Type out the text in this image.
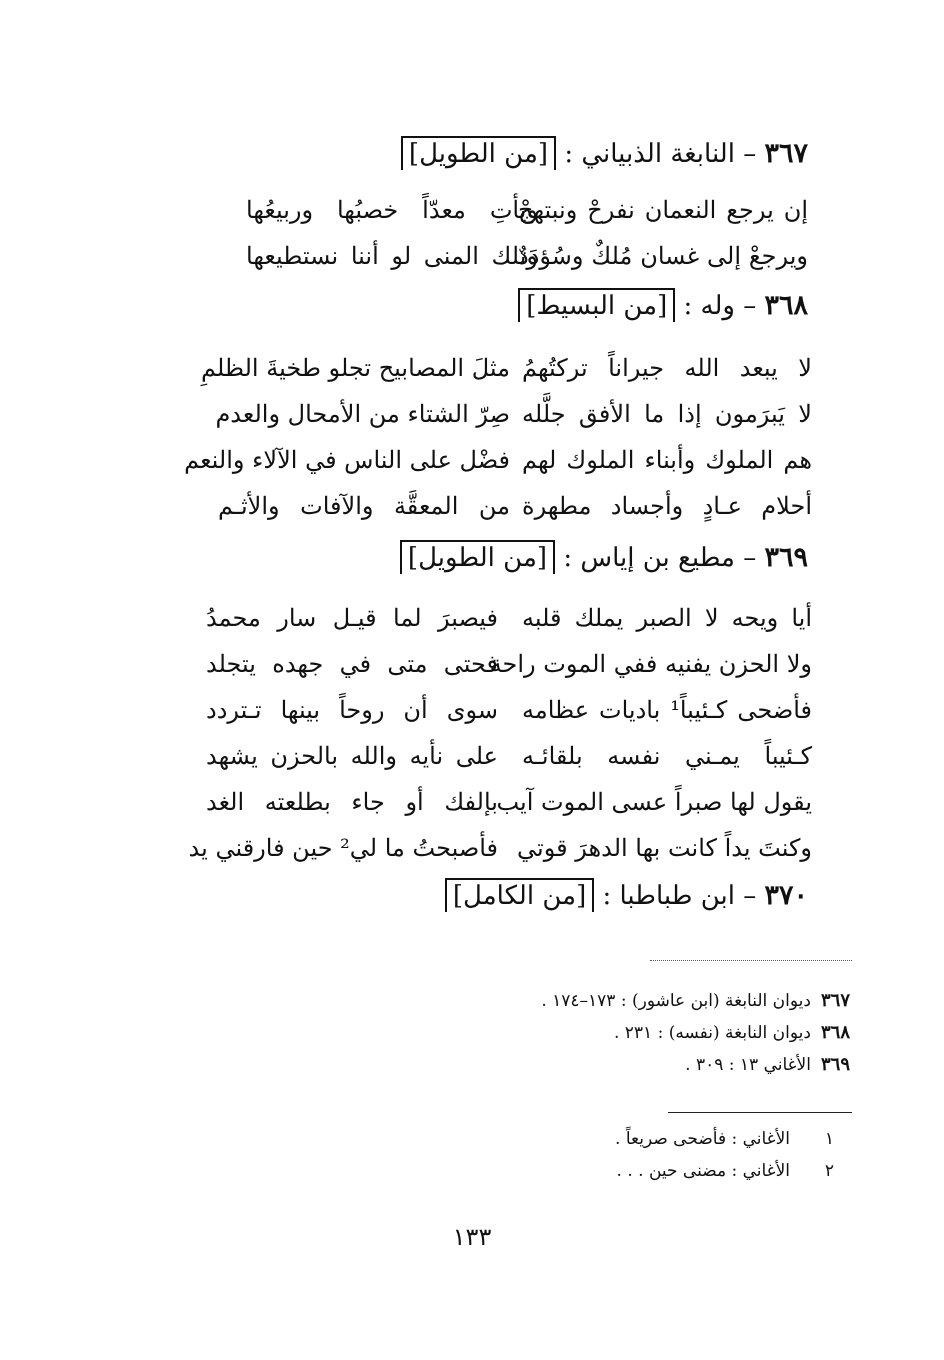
٣٦٧ – النابغة الذبياني : [من الطويل]
إن يرجع النعمان نفرحْ ونبتهجْ
ويأتِ معدّاً خصبُها وربيعُها
ويرجعْ إلى غسان مُلكٌ وسُؤدَدٌ
وتلك المنى لو أننا نستطيعها
٣٦٨ – وله : [من البسيط]
لا يبعد الله جيراناً تركتُهمُ
مثلَ المصابيح تجلو طخيةَ الظلمِ
لا يَبرَمون إذا ما الأفق جلَّله
صِرّ الشتاء من الأمحال والعدم
هم الملوك وأبناء الملوك لهم
فضْل على الناس في الآلاء والنعم
أحلام عـادٍ وأجساد مطهرة
من المعقَّة والآفات والأثـم
٣٦٩ – مطيع بن إياس : [من الطويل]
أيا ويحه لا الصبر يملك قلبه
فيصبرَ لما قيـل سار محمدُ
ولا الحزن يفنيه ففي الموت راحة
فحتى متى في جهده يتجلد
فأضحى كـئيباً¹ باديات عظامه
سوى أن روحاً بينها تـتردد
كـئيباً يمـني نفسه بلقائـه
على نأيه والله بالحزن يشهد
يقول لها صبراً عسى الموت آيب
بإلفك أو جاء بطلعته الغد
وكنتَ يداً كانت بها الدهرَ قوتي
فأصبحتُ ما لي² حين فارقني يد
٣٧٠ – ابن طباطبا : [من الكامل]
٣٦٧ديوان النابغة (ابن عاشور) : ١٧٣–١٧٤ .
٣٦٨ديوان النابغة (نفسه) : ٢٣١ .
٣٦٩الأغاني ١٣ : ٣٠٩ .
١الأغاني : فأضحى صريعاً .
٢الأغاني : مضنى حين . . .
١٣٣
